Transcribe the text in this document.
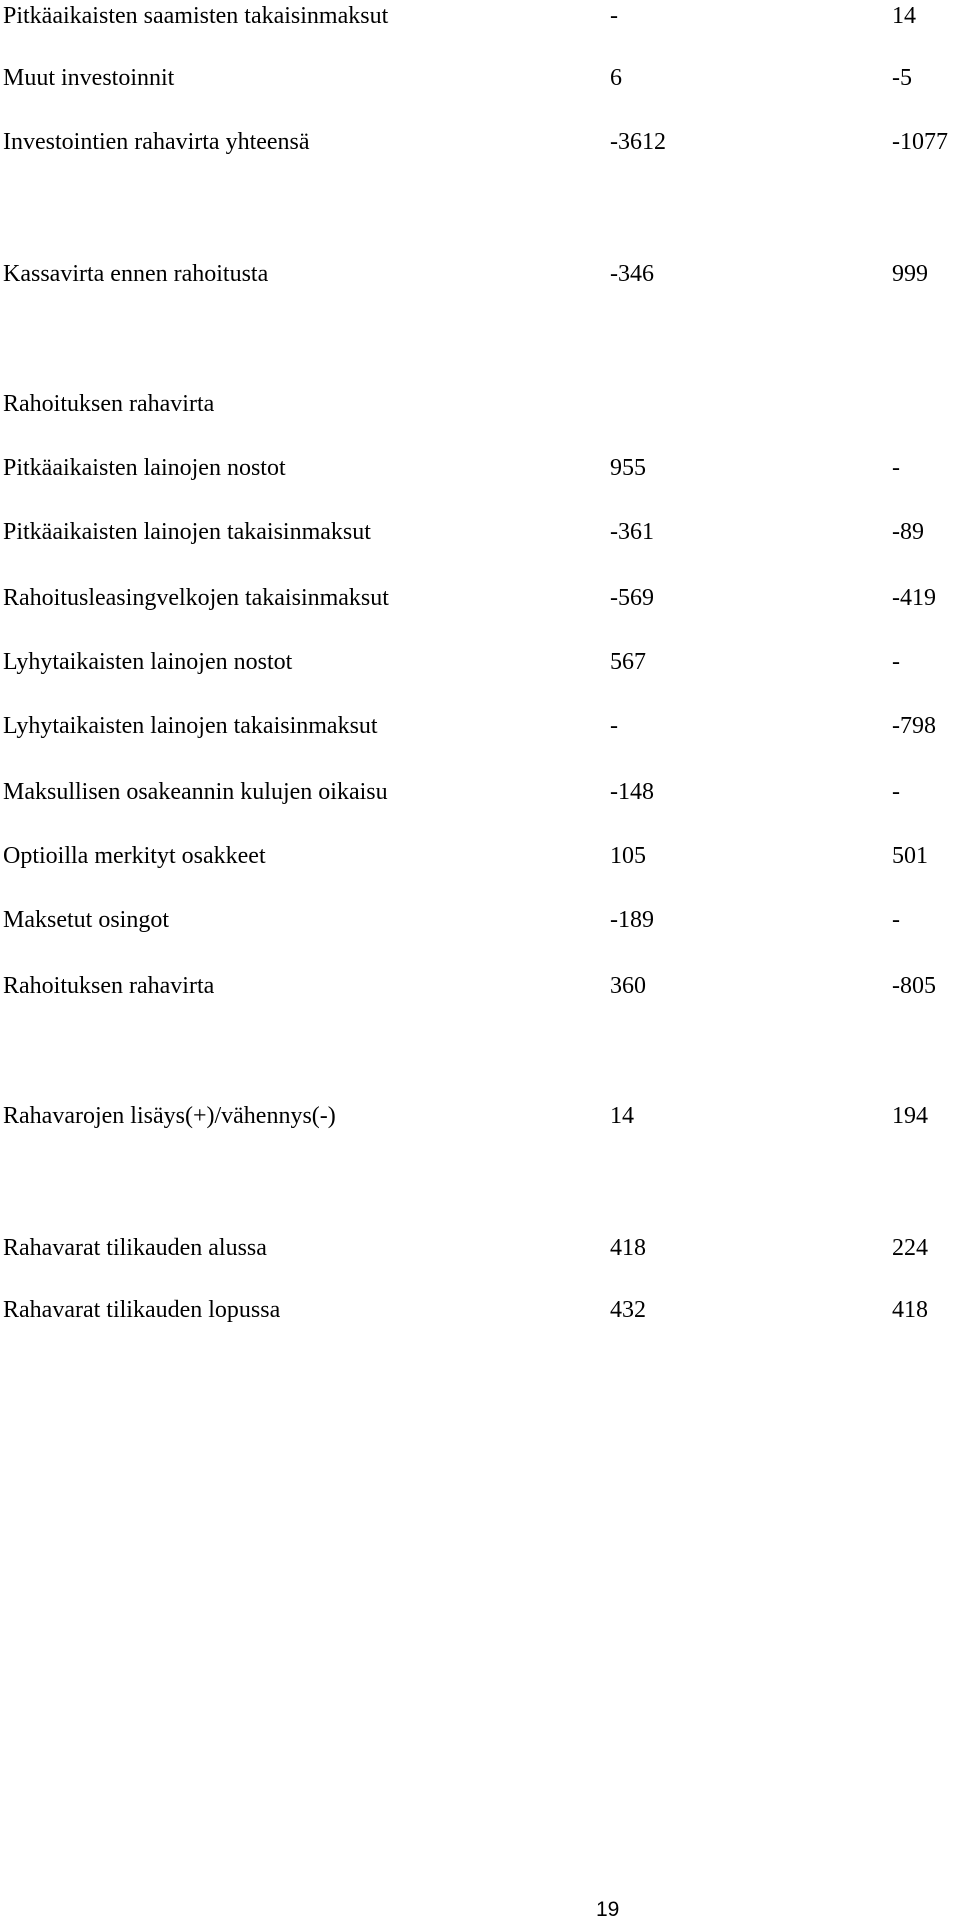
Pitkäaikaisten saamisten takaisinmaksut	-	14
Muut investoinnit	6	-5
Investointien rahavirta yhteensä	-3612	-1077
Kassavirta ennen rahoitusta	-346	999
Rahoituksen rahavirta
Pitkäaikaisten lainojen nostot	955	-
Pitkäaikaisten lainojen takaisinmaksut	-361	-89
Rahoitusleasingvelkojen takaisinmaksut	-569	-419
Lyhytaikaisten lainojen nostot	567	-
Lyhytaikaisten lainojen takaisinmaksut	-	-798
Maksullisen osakeannin kulujen oikaisu	-148	-
Optioilla merkityt osakkeet	105	501
Maksetut osingot	-189	-
Rahoituksen rahavirta	360	-805
Rahavarojen lisäys(+)/vähennys(-)	14	194
Rahavarat tilikauden alussa	418	224
Rahavarat tilikauden lopussa	432	418
19
